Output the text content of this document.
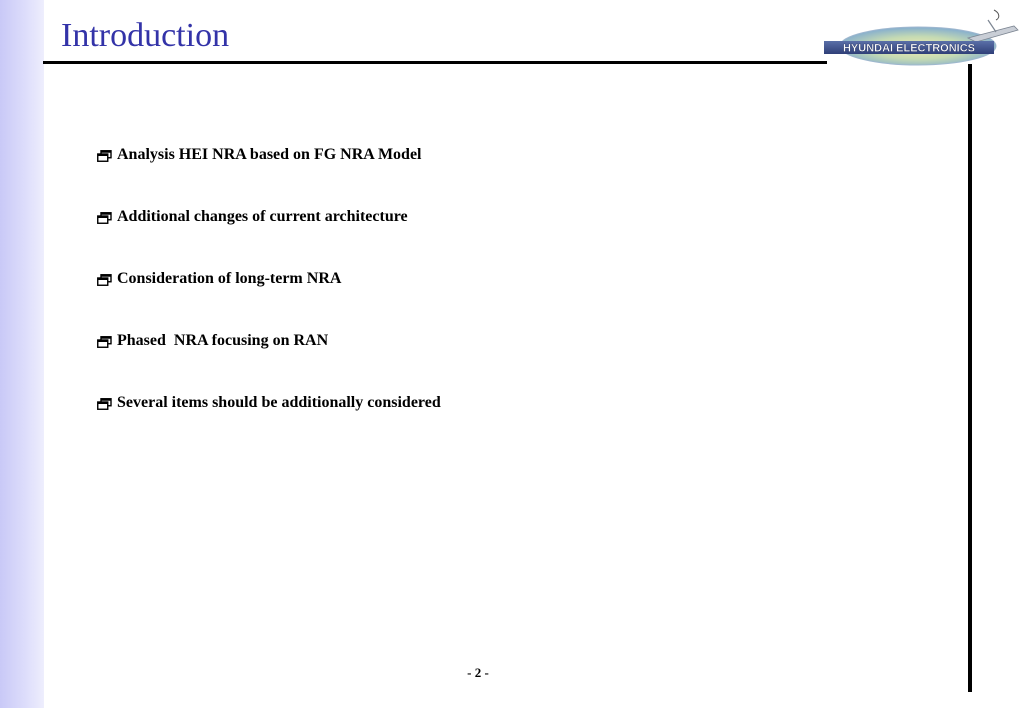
Introduction	HYUNDAI ELECTRONICS

Analysis HEI NRA based on FG NRA Model

Additional changes of current architecture

Consideration of long-term NRA

Phased  NRA focusing on RAN

Several items should be additionally considered
- 2 -
